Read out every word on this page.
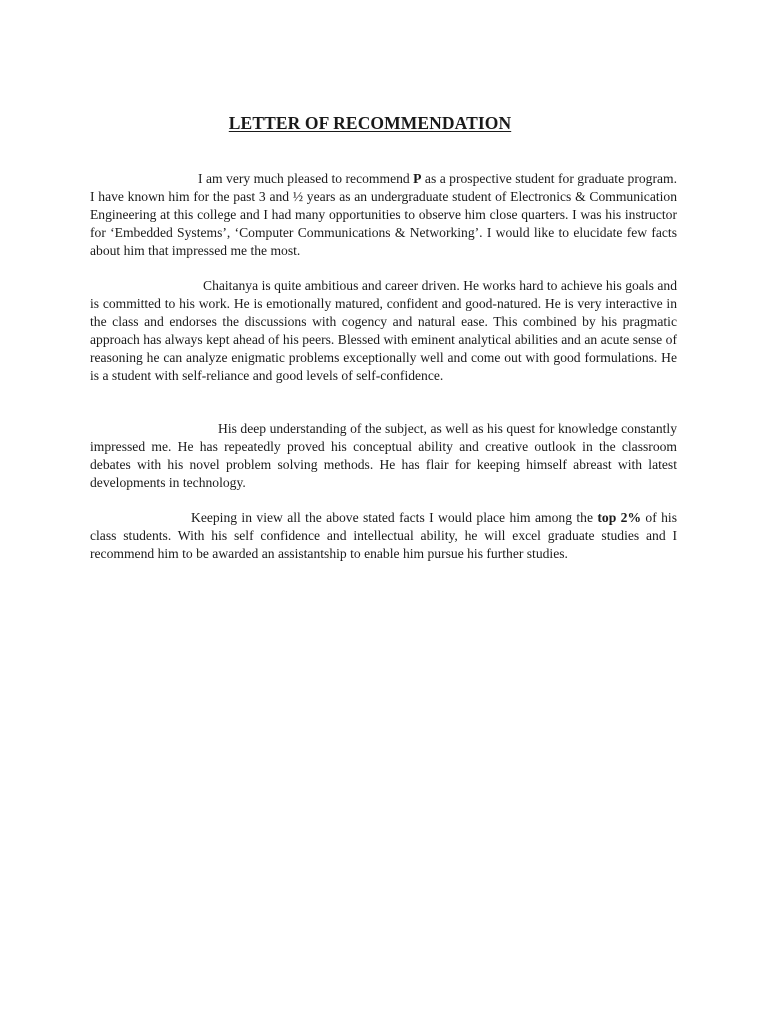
LETTER OF RECOMMENDATION

I am very much pleased to recommend P as a prospective student for graduate program. I have known him for the past 3 and ½ years as an undergraduate student of Electronics & Communication Engineering at this college and I had many opportunities to observe him close quarters. I was his instructor for ‘Embedded Systems’, ‘Computer Communications & Networking’. I would like to elucidate few facts about him that impressed me the most.

Chaitanya is quite ambitious and career driven. He works hard to achieve his goals and is committed to his work. He is emotionally matured, confident and good-natured. He is very interactive in the class and endorses the discussions with cogency and natural ease. This combined by his pragmatic approach has always kept ahead of his peers. Blessed with eminent analytical abilities and an acute sense of reasoning he can analyze enigmatic problems exceptionally well and come out with good formulations. He is a student with self-reliance and good levels of self-confidence.

His deep understanding of the subject, as well as his quest for knowledge constantly impressed me. He has repeatedly proved his conceptual ability and creative outlook in the classroom debates with his novel problem solving methods. He has flair for keeping himself abreast with latest developments in technology.

Keeping in view all the above stated facts I would place him among the top 2% of his class students. With his self confidence and intellectual ability, he will excel graduate studies and I recommend him to be awarded an assistantship to enable him pursue his further studies.
